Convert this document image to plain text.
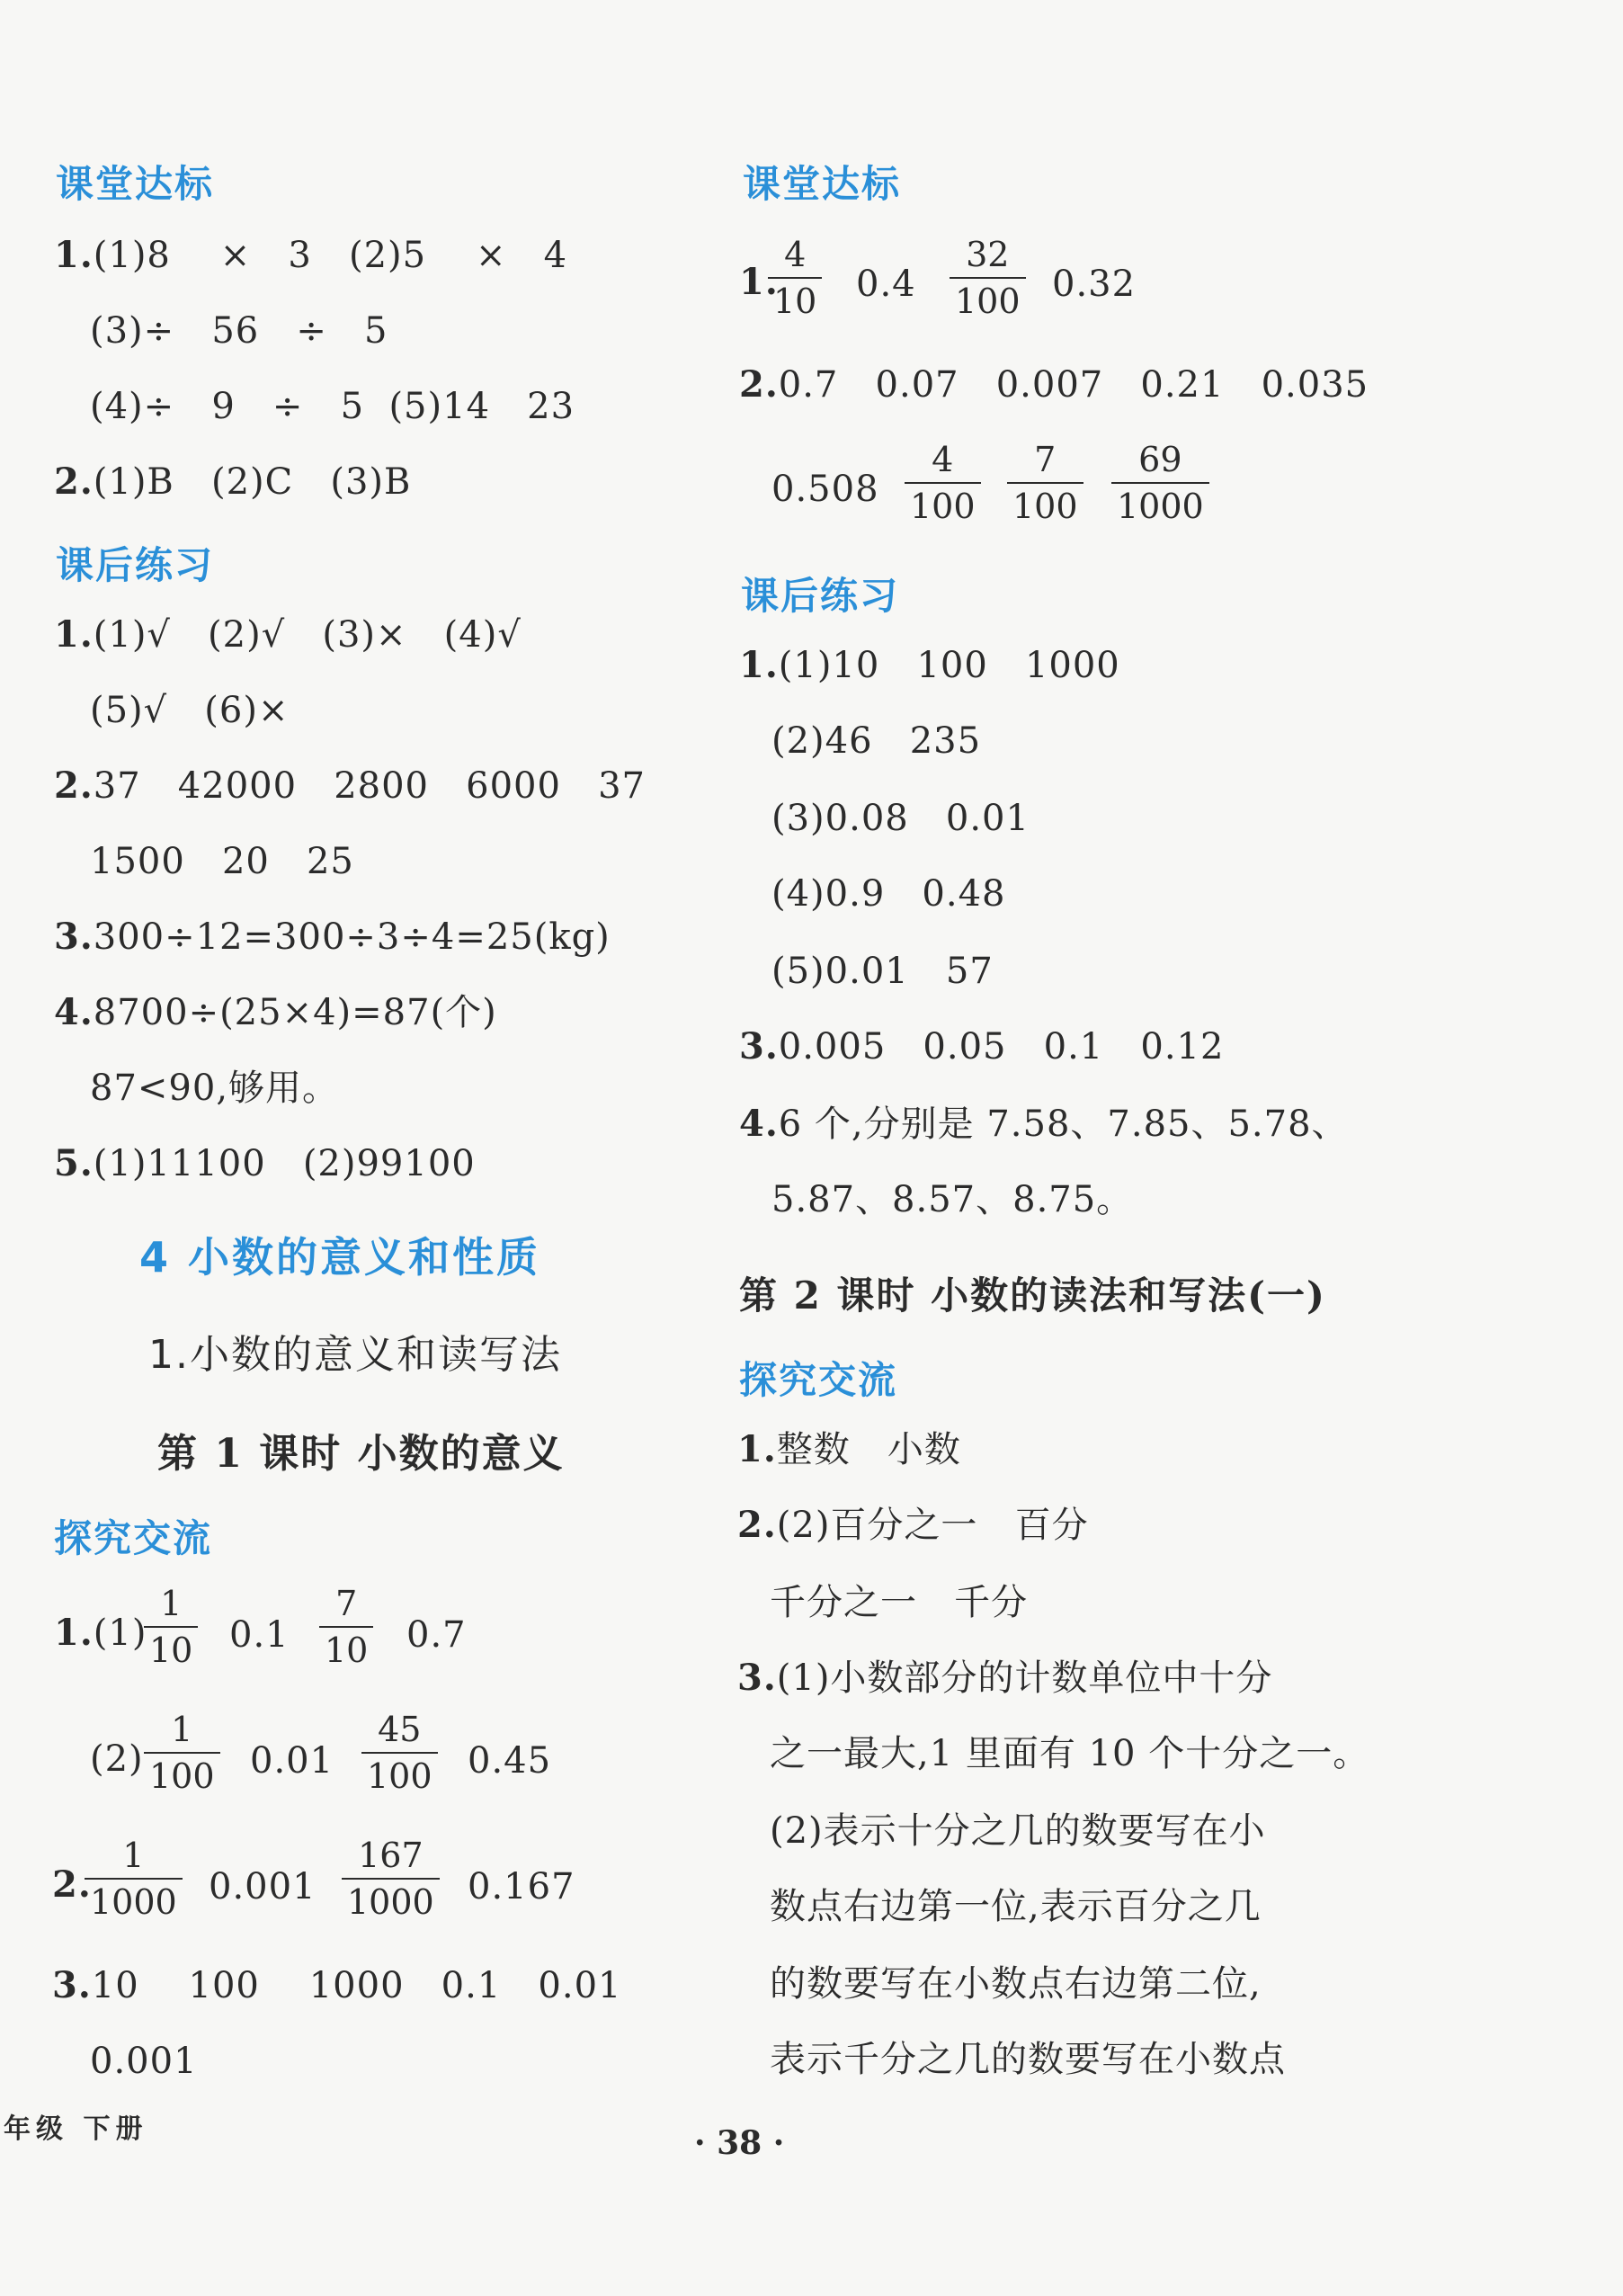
课堂达标
1.(1)8    ×   3   (2)5    ×   4
(3)÷   56   ÷   5
(4)÷   9   ÷   5  (5)14   23
2.(1)B   (2)C   (3)B
课后练习
1.(1)√   (2)√   (3)×   (4)√
(5)√   (6)×
2.37   42000   2800   6000   37
1500   20   25
3.300÷12=300÷3÷4=25(kg)
4.8700÷(25×4)=87(个)
87<90,够用。
5.(1)11100   (2)99100
4 小数的意义和性质
1.小数的意义和读写法
第 1 课时 小数的意义
探究交流
1.(1)
$\frac{1}{10} 0.1 \frac{7}{10} 0.7$
$(2) \frac{1}{100} 0.01 \frac{45}{100} 0.45$
2.
$\frac{1}{1000} 0.001 \frac{167}{1000} 0.167$
3.10    100    1000   0.1   0.01
0.001
课堂达标
1.
$\frac{4}{10} 0.4 \frac{32}{100} 0.32$
2.0.7   0.07   0.007   0.21   0.035
$0.508 \frac{4}{100} \frac{7}{100} \frac{69}{1000}$
课后练习
1.(1)10   100   1000
(2)46   235
(3)0.08   0.01
(4)0.9   0.48
(5)0.01   57
3.0.005   0.05   0.1   0.12
4.6 个,分别是 7.58、7.85、5.78、
5.87、8.57、8.75。
第 2 课时 小数的读法和写法(一)
探究交流
1.整数   小数
2.(2)百分之一   百分
千分之一   千分
3.(1)小数部分的计数单位中十分
之一最大,1 里面有 10 个十分之一。
(2)表示十分之几的数要写在小
数点右边第一位,表示百分之几
的数要写在小数点右边第二位,
表示千分之几的数要写在小数点
年级 下册	· 38 ·
